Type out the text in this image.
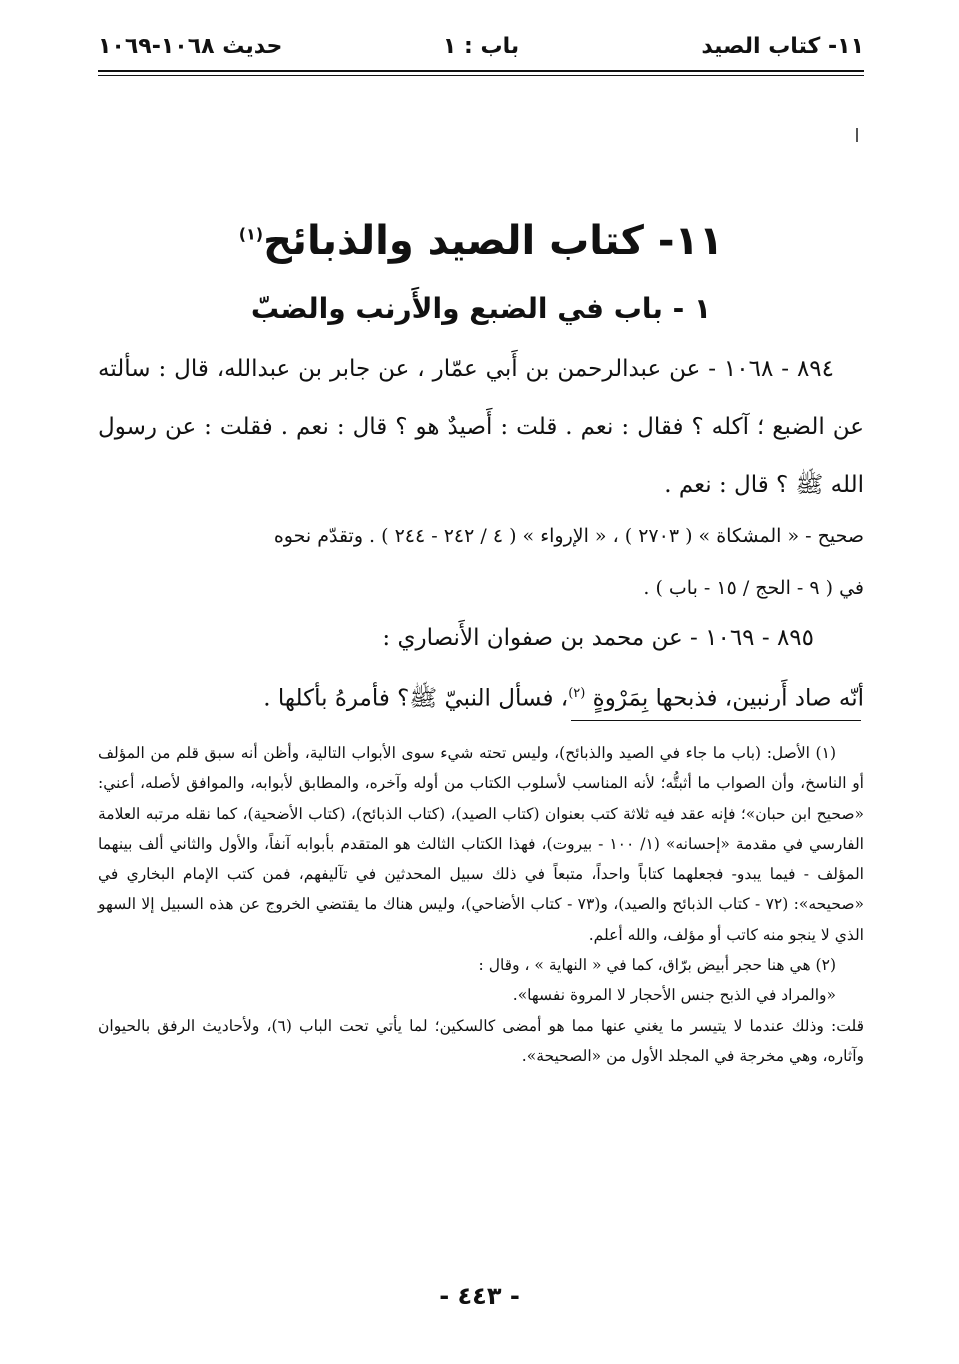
١١- كتاب الصيد
باب : ١
حديث ١٠٦٨-١٠٦٩
١١- كتاب الصيد والذبائح$^{(١)}$
١ - باب في الضبع والأَرنب والضبّ

٨٩٤ - ١٠٦٨ - عن عبدالرحمن بن أَبي عمّار ، عن جابر بن عبدالله، قال : سألته عن الضبع ؛ آكله ؟ فقال : نعم . قلت : أَصيدٌ هو ؟ قال : نعم . فقلت : عن رسول الله ﷺ ؟ قال : نعم .

صحيح - « المشكاة » ( ٢٧٠٣ ) ، « الإرواء » ( ٤ / ٢٤٢ - ٢٤٤ ) . وتقدّم نحوه

في ( ٩ - الحج / ١٥ - باب ) .

٨٩٥ - ١٠٦٩ - عن محمد بن صفوان الأَنصاري :

أنّه صاد أَرنبين، فذبحها بِمَرْوةٍ $^{(٢)}$، فسأل النبيّ ﷺ؟ فأمرهُ بأكلها .

(١) الأصل: (باب ما جاء في الصيد والذبائح)، وليس تحته شيء سوى الأبواب التالية، وأظن أنه سبق قلم من المؤلف أو الناسخ، وأن الصواب ما أثبتُّه؛ لأنه المناسب لأسلوب الكتاب من أوله وآخره، والمطابق لأبوابه، والموافق لأصله، أعني: «صحيح ابن حبان»؛ فإنه عقد فيه ثلاثة كتب بعنوان (كتاب الصيد)، (كتاب الذبائح)، (كتاب الأضحية)، كما نقله مرتبه العلامة الفارسي في مقدمة «إحسانه» (١/ ١٠٠ - بيروت)، فهذا الكتاب الثالث هو المتقدم بأبوابه آنفاً، والأول والثاني ألف بينهما المؤلف - فيما يبدو- فجعلهما كتاباً واحداً، متبعاً في ذلك سبيل المحدثين في تآليفهم، فمن كتب الإمام البخاري في «صحيحه»: (٧٢ - كتاب الذبائح والصيد)، و(٧٣ - كتاب الأضاحي)، وليس هناك ما يقتضي الخروج عن هذه السبيل إلا السهو الذي لا ينجو منه كاتب أو مؤلف، والله أعلم.

(٢) هي هنا حجر أبيض برّاق، كما في « النهاية » ، وقال :

«والمراد في الذبح جنس الأحجار لا المروة نفسها».

قلت: وذلك عندما لا يتيسر ما يغني عنها مما هو أمضى كالسكين؛ لما يأتي تحت الباب (٦)، ولأحاديث الرفق بالحيوان وآثاره، وهي مخرجة في المجلد الأول من «الصحيحة».

- ٤٤٣ -
